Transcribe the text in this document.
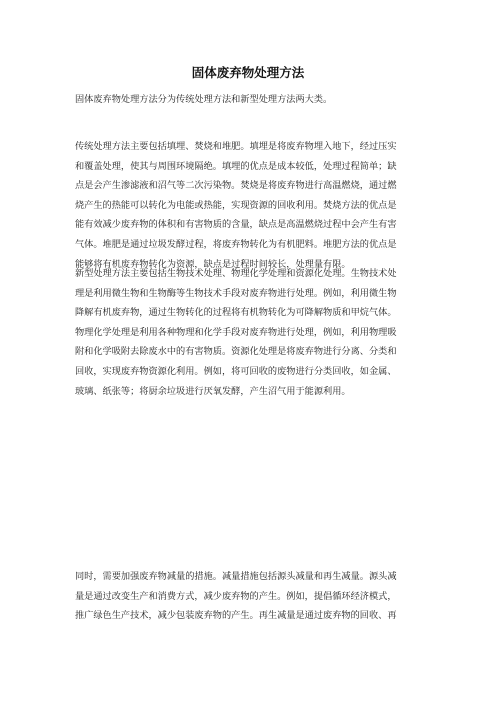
固体废弃物处理方法
固体废弃物处理方法分为传统处理方法和新型处理方法两大类。
传统处理方法主要包括填埋、焚烧和堆肥。填埋是将废弃物埋入地下，经过压实
和覆盖处理，使其与周围环境隔绝。填埋的优点是成本较低，处理过程简单；缺
点是会产生渗滤液和沼气等二次污染物。焚烧是将废弃物进行高温燃烧，通过燃
烧产生的热能可以转化为电能或热能，实现资源的回收利用。焚烧方法的优点是
能有效减少废弃物的体积和有害物质的含量，缺点是高温燃烧过程中会产生有害
气体。堆肥是通过垃圾发酵过程，将废弃物转化为有机肥料。堆肥方法的优点是
能够将有机废弃物转化为资源，缺点是过程时间较长，处理量有限。
新型处理方法主要包括生物技术处理、物理化学处理和资源化处理。生物技术处
理是利用微生物和生物酶等生物技术手段对废弃物进行处理。例如，利用微生物
降解有机废弃物，通过生物转化的过程将有机物转化为可降解物质和甲烷气体。
物理化学处理是利用各种物理和化学手段对废弃物进行处理，例如，利用物理吸
附和化学吸附去除废水中的有害物质。资源化处理是将废弃物进行分离、分类和
回收，实现废弃物资源化利用。例如，将可回收的废物进行分类回收，如金属、
玻璃、纸张等；将厨余垃圾进行厌氧发酵，产生沼气用于能源利用。
同时，需要加强废弃物减量的措施。减量措施包括源头减量和再生减量。源头减
量是通过改变生产和消费方式，减少废弃物的产生。例如，提倡循环经济模式，
推广绿色生产技术，减少包装废弃物的产生。再生减量是通过废弃物的回收、再
